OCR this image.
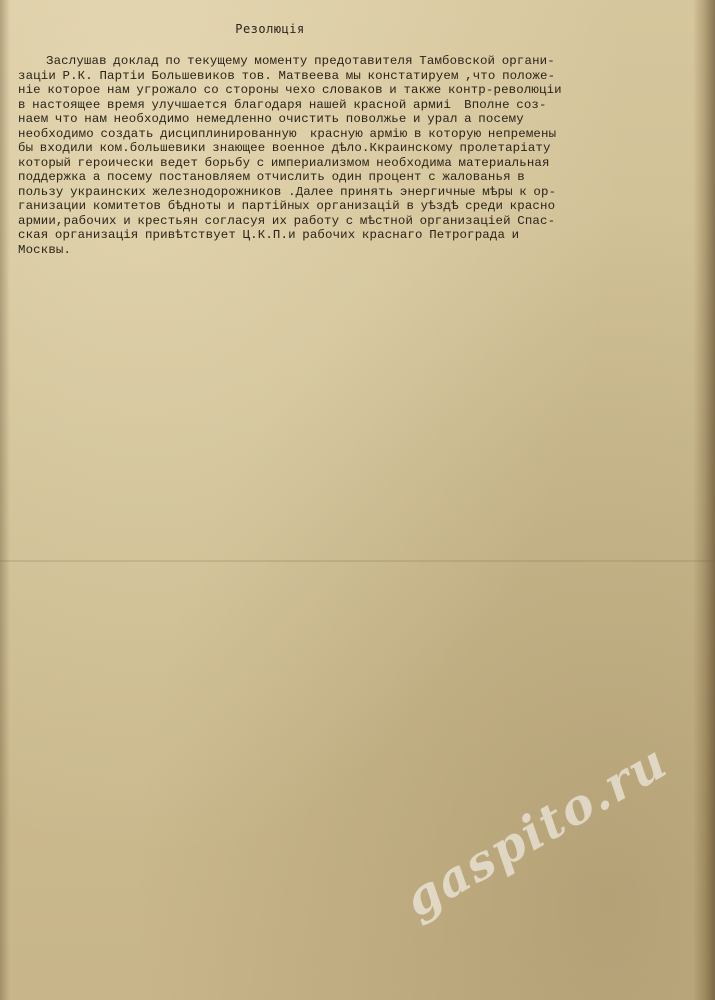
Резолюція
Заслушав доклад по текущему моменту предотавителя Тамбовской органи-
заціи Р.К. Партіи Большевиков тов. Матвеева мы констатируем ,что положе-
ніе которое нам угрожало со стороны чехо словаков и также контр-революціи
в настоящее время улучшается благодаря нашей красной армиі  Вполне соз-
наем что нам необходимо немедленно очистить поволжье и урал а посему
необходимо создать дисциплинированную  красную армію в которую непремены
бы входили ком.большевики знающее военное дѣло.Ккраинскому пролетаріату
который героически ведет борьбу с империализмом необходима материальная
поддержка а посему постановляем отчислить один процент с жалованья в
пользу украинских железнодорожников .Далее принять энергичные мѣры к ор-
ганизации комитетов бѣдноты и партійных организацій в уѣздѣ среди красно
армии,рабочих и крестьян согласуя их работу с мѣстной организаціей Спас-
ская организація привѣтствует Ц.К.П.и рабочих краснаго Петрограда и
Москвы.
gaspito.ru
